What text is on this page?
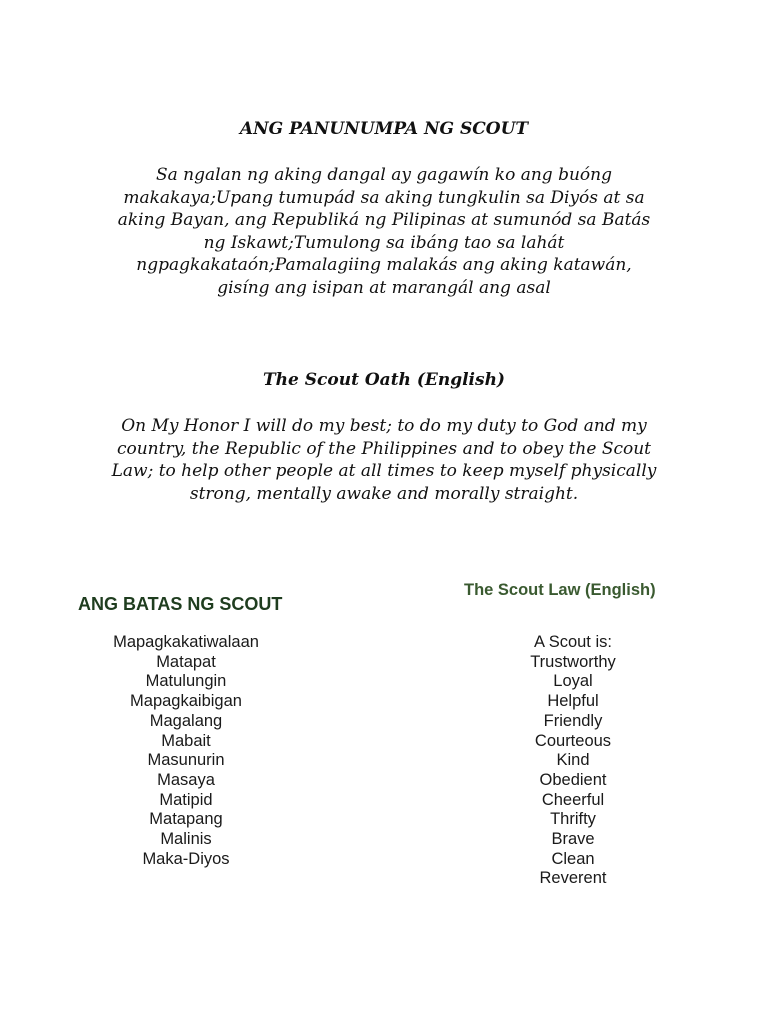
ANG PANUNUMPA NG SCOUT
Sa ngalan ng aking dangal ay gagawín ko ang buóng
makakaya;Upang tumupád sa aking tungkulin sa Diyós at sa
aking Bayan, ang Republiká ng Pilipinas at sumunód sa Batás
ng Iskawt;Tumulong sa ibáng tao sa lahát
ngpagkakataón;Pamalagiing malakás ang aking katawán,
gisíng ang isipan at marangál ang asal
The Scout Oath (English)
On My Honor I will do my best; to do my duty to God and my
country, the Republic of the Philippines and to obey the Scout
Law; to help other people at all times to keep myself physically
strong, mentally awake and morally straight.
ANG BATAS NG SCOUT
Mapagkakatiwalaan
Matapat
Matulungin
Mapagkaibigan
Magalang
Mabait
Masunurin
Masaya
Matipid
Matapang
Malinis
Maka-Diyos
The Scout Law (English)
A Scout is:
Trustworthy
Loyal
Helpful
Friendly
Courteous
Kind
Obedient
Cheerful
Thrifty
Brave
Clean
Reverent
